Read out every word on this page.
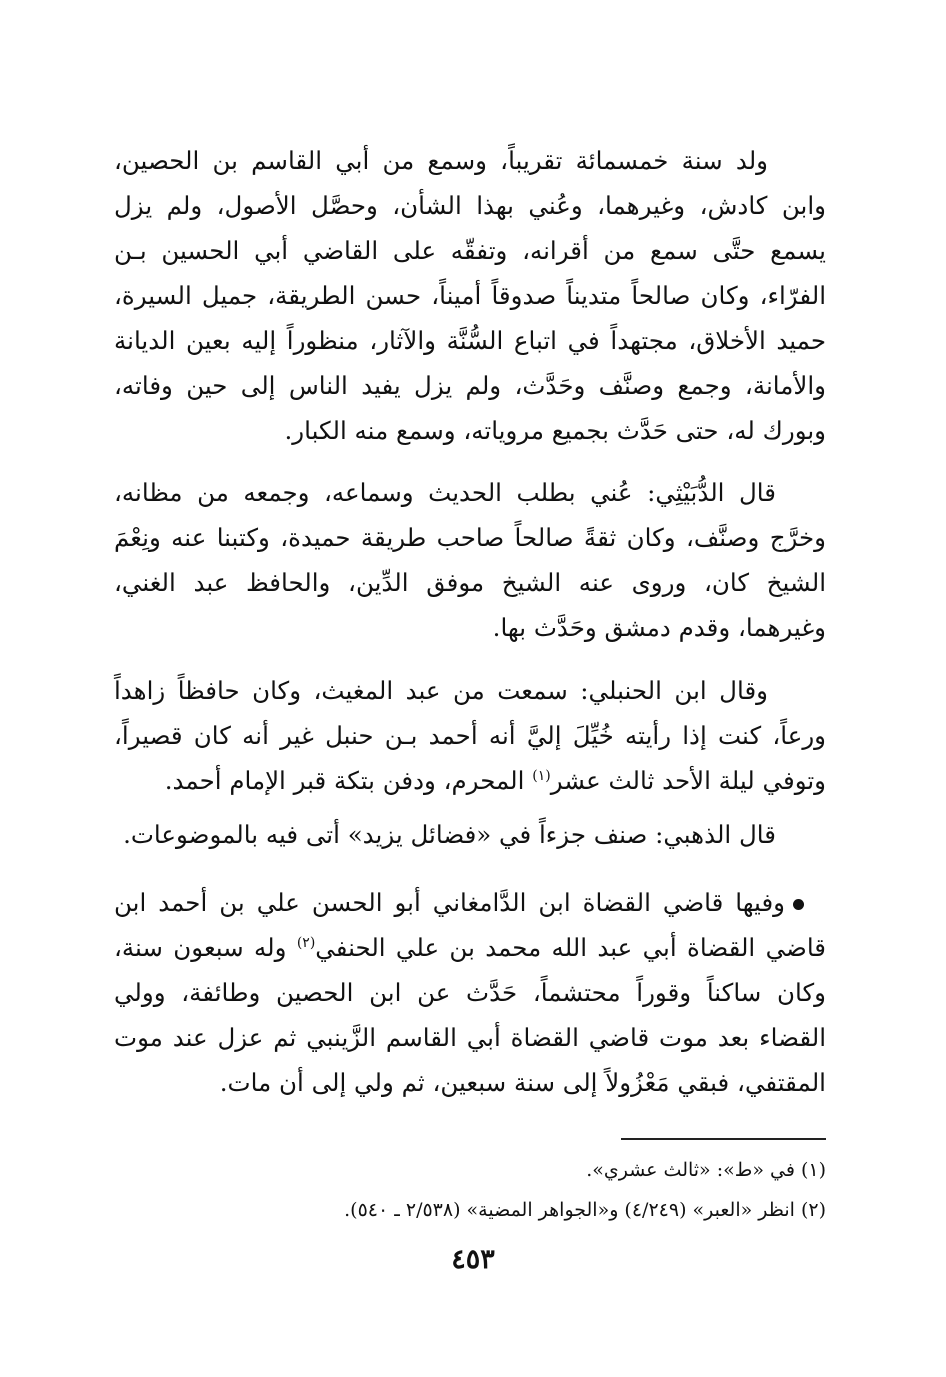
ولد سنة خمسمائة تقريباً، وسمع من أبي القاسم بن الحصين، وابن كادش، وغيرهما، وعُني بهذا الشأن، وحصَّل الأصول، ولم يزل يسمع حتَّى سمع من أقرانه، وتفقّه على القاضي أبي الحسين بـن الفرّاء، وكان صالحاً متديناً صدوقاً أميناً، حسن الطريقة، جميل السيرة، حميد الأخلاق، مجتهداً في اتباع السُّنَّة والآثار، منظوراً إليه بعين الديانة والأمانة، وجمع وصنَّف وحَدَّث، ولم يزل يفيد الناس إلى حين وفاته، وبورك له، حتى حَدَّث بجميع مروياته، وسمع منه الكبار.

قال الدُّبَيْثِي: عُني بطلب الحديث وسماعه، وجمعه من مظانه، وخرَّج وصنَّف، وكان ثقةً صالحاً صاحب طريقة حميدة، وكتبنا عنه ونِعْمَ الشيخ كان، وروى عنه الشيخ موفق الدِّين، والحافظ عبد الغني، وغيرهما، وقدم دمشق وحَدَّث بها.

وقال ابن الحنبلي: سمعت من عبد المغيث، وكان حافظاً زاهداً ورعاً، كنت إذا رأيته خُيِّلَ إليَّ أنه أحمد بـن حنبل غير أنه كان قصيراً، وتوفي ليلة الأحد ثالث عشر$^{(١)}$ المحرم، ودفن بتكة قبر الإمام أحمد.

قال الذهبي: صنف جزءاً في «فضائل يزيد» أتى فيه بالموضوعات.

وفيها قاضي القضاة ابن الدَّامغاني أبو الحسن علي بن أحمد ابن قاضي القضاة أبي عبد الله محمد بن علي الحنفي$^{(٢)}$ وله سبعون سنة، وكان ساكناً وقوراً محتشماً، حَدَّث عن ابن الحصين وطائفة، وولي القضاء بعد موت قاضي القضاة أبي القاسم الزَّينبي ثم عزل عند موت المقتفي، فبقي مَعْزُولاً إلى سنة سبعين، ثم ولي إلى أن مات.

(١) في «ط»: «ثالث عشري».
(٢) انظر «العبر» (٤/٢٤٩) و«الجواهر المضية» (٢/٥٣٨ ـ ٥٤٠).
٤٥٣
